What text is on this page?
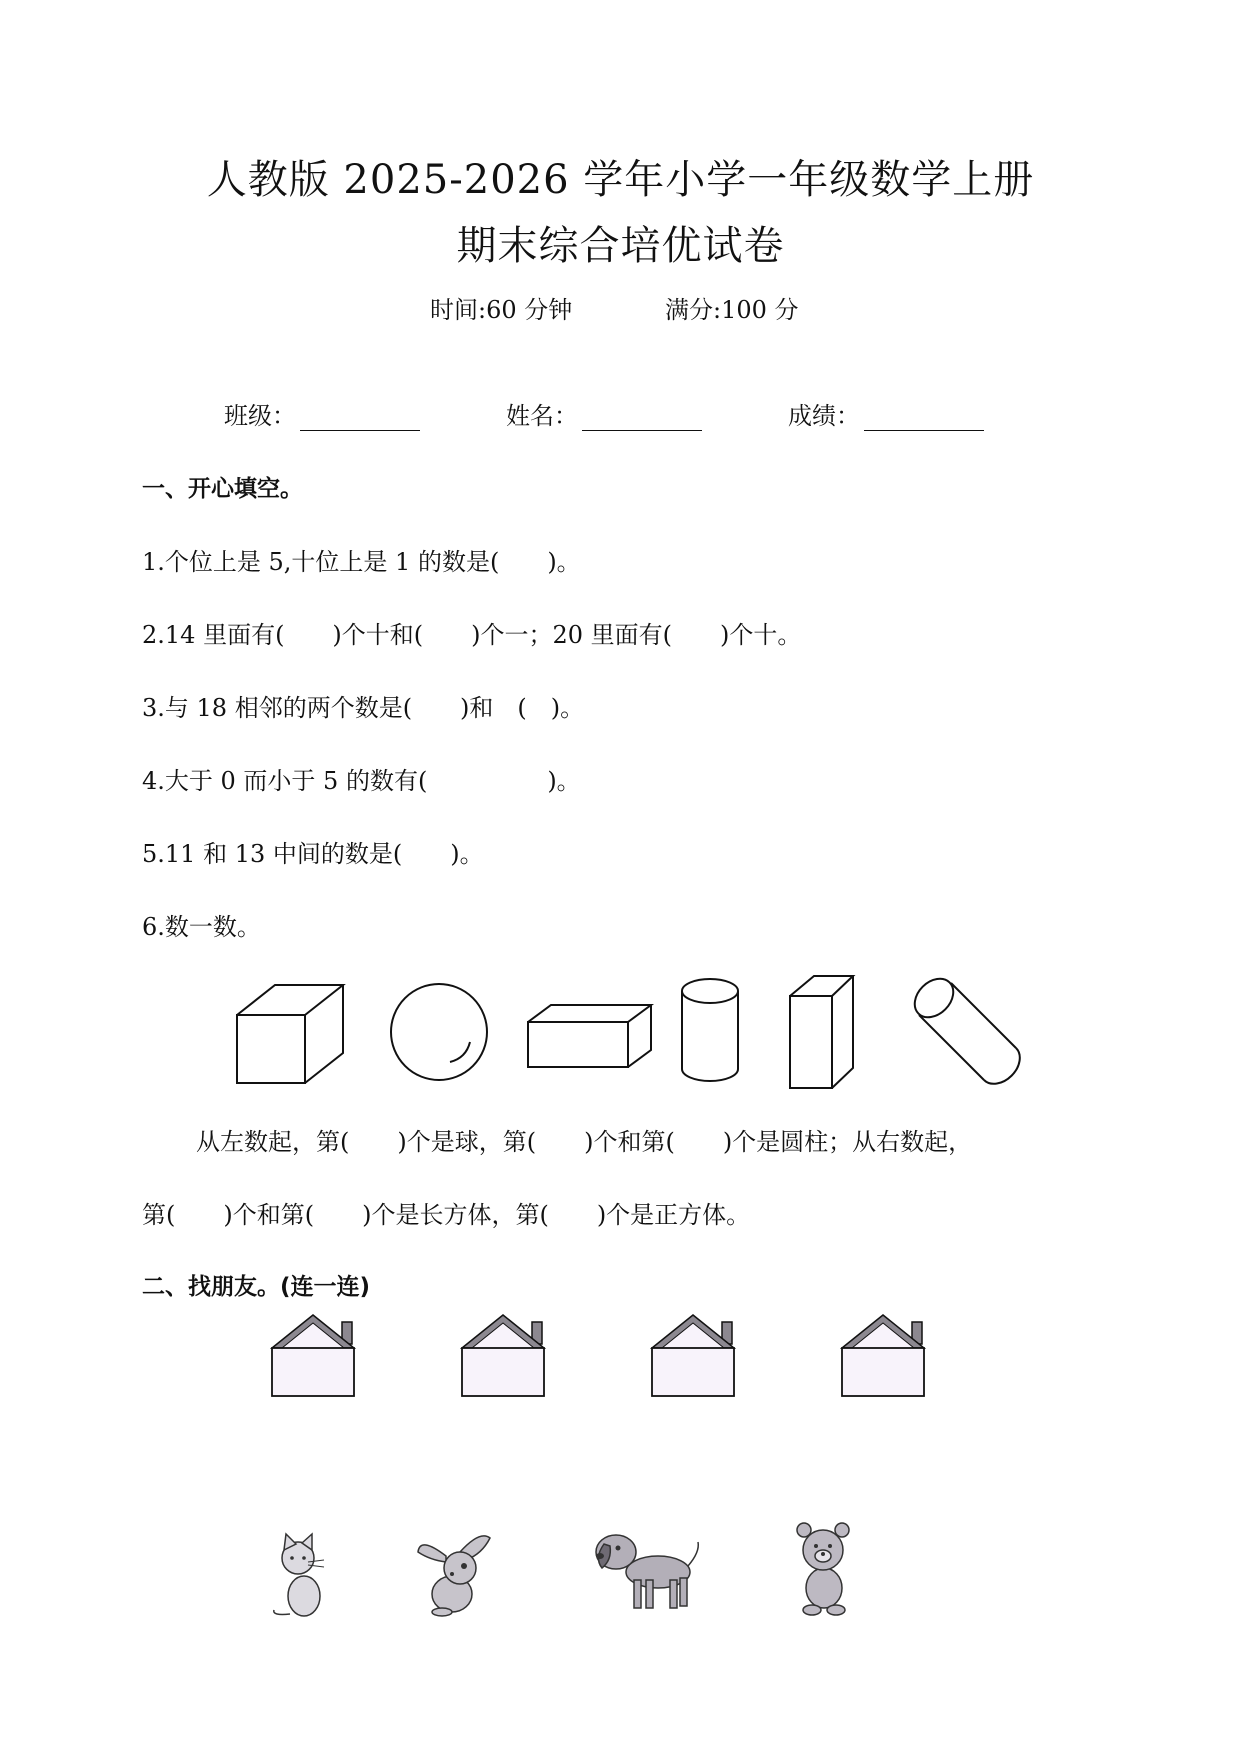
人教版 2025-2026 学年小学一年级数学上册
期末综合培优试卷
时间:60 分钟	满分:100 分
班级：	姓名：	成绩：
一、开心填空。
1.个位上是 5,十位上是 1 的数是(　　)。
2.14 里面有(　　)个十和(　　)个一；20 里面有(　　)个十。
3.与 18 相邻的两个数是(　　)和　(　)。
4.大于 0 而小于 5 的数有(　　　　　)。
5.11 和 13 中间的数是(　　)。
6.数一数。
从左数起，第(　　)个是球，第(　　)个和第(　　)个是圆柱；从右数起，
第(　　)个和第(　　)个是长方体，第(　　)个是正方体。
二、找朋友。(连一连)
